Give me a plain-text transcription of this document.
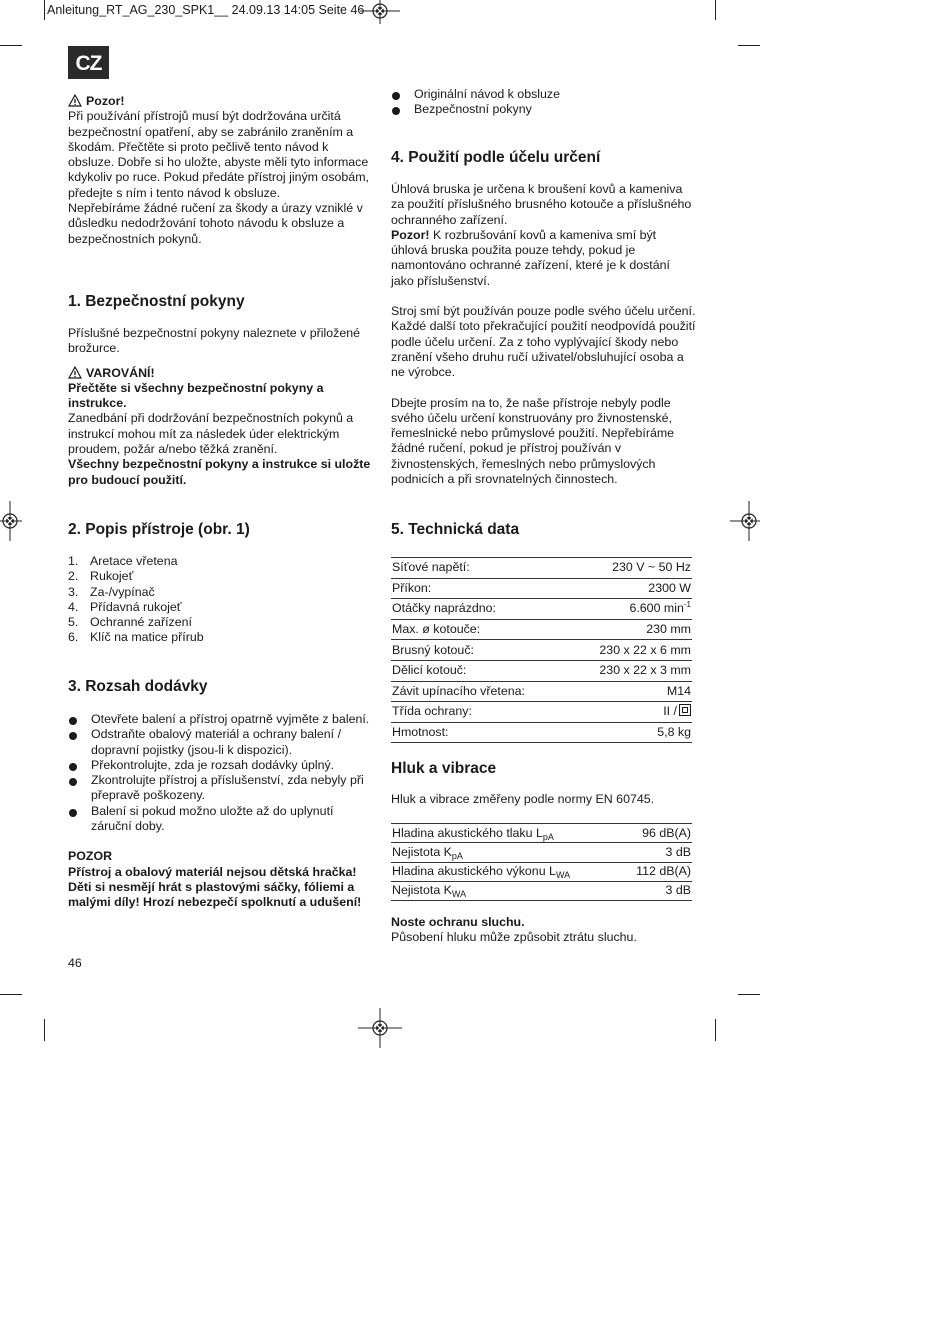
Anleitung_RT_AG_230_SPK1__ 24.09.13 14:05 Seite 46
CZ

Pozor!

Při používání přístrojů musí být dodržována určitá bezpečnostní opatření, aby se zabránilo zraněním a škodám. Přečtěte si proto pečlivě tento návod k obsluze. Dobře si ho uložte, abyste měli tyto informace kdykoliv po ruce. Pokud předáte přístroj jiným osobám, předejte s ním i tento návod k obsluze.

Nepřebíráme žádné ručení za škody a úrazy vzniklé v důsledku nedodržování tohoto návodu k obsluze a bezpečnostních pokynů.

1. Bezpečnostní pokyny

Příslušné bezpečnostní pokyny naleznete v přiložené brožurce.

VAROVÁNÍ!

Přečtěte si všechny bezpečnostní pokyny a instrukce.

Zanedbání při dodržování bezpečnostních pokynů a instrukcí mohou mít za následek úder elektrickým proudem, požár a/nebo těžká zranění.

Všechny bezpečnostní pokyny a instrukce si uložte pro budoucí použití.

2. Popis přístroje (obr. 1)
1. Aretace vřetena
2. Rukojeť
3. Za-/vypínač
4. Přídavná rukojeť
5. Ochranné zařízení
6. Klíč na matice přírub
3. Rozsah dodávky
Otevřete balení a přístroj opatrně vyjměte z balení.
Odstraňte obalový materiál a ochrany balení / dopravní pojistky (jsou-li k dispozici).
Překontrolujte, zda je rozsah dodávky úplný.
Zkontrolujte přístroj a příslušenství, zda nebyly při přepravě poškozeny.
Balení si pokud možno uložte až do uplynutí záruční doby.

POZOR

Přístroj a obalový materiál nejsou dětská hračka! Děti si nesmějí hrát s plastovými sáčky, fóliemi a malými díly! Hrozí nebezpečí spolknutí a udušení!

46
Originální návod k obsluze
Bezpečnostní pokyny
4. Použití podle účelu určení

Úhlová bruska je určena k broušení kovů a kameniva za použití příslušného brusného kotouče a příslušného ochranného zařízení.

Pozor! K rozbrušování kovů a kameniva smí být úhlová bruska použita pouze tehdy, pokud je namontováno ochranné zařízení, které je k dostání jako příslušenství.

Stroj smí být používán pouze podle svého účelu určení. Každé další toto překračující použití neodpovídá použití podle účelu určení. Za z toho vyplývající škody nebo zranění všeho druhu ručí uživatel/obsluhující osoba a ne výrobce.

Dbejte prosím na to, že naše přístroje nebyly podle svého účelu určení konstruovány pro živnostenské, řemeslnické nebo průmyslové použití. Nepřebíráme žádné ručení, pokud je přístroj používán v živnostenských, řemeslných nebo průmyslových podnicích a při srovnatelných činnostech.

5. Technická data
Síťové napětí:	230 V ~ 50 Hz
Příkon:	2300 W
Otáčky naprázdno:	6.600 $\min^{-1}$
Max. ø kotouče:	230 mm
Brusný kotouč:	230 x 22 x 6 mm
Dělicí kotouč:	230 x 22 x 3 mm
Závit upínacího vřetena:	M14
Třída ochrany:	II /
Hmotnost:	5,8 kg
Hluk a vibrace

Hluk a vibrace změřeny podle normy EN 60745.

Hladina akustického tlaku $L_{pA}$	96 dB(A)
Nejistota $K_{pA}$	3 dB
Hladina akustického výkonu $L_{WA}$	112 dB(A)
Nejistota $K_{WA}$	3 dB

Noste ochranu sluchu.

Působení hluku může způsobit ztrátu sluchu.
